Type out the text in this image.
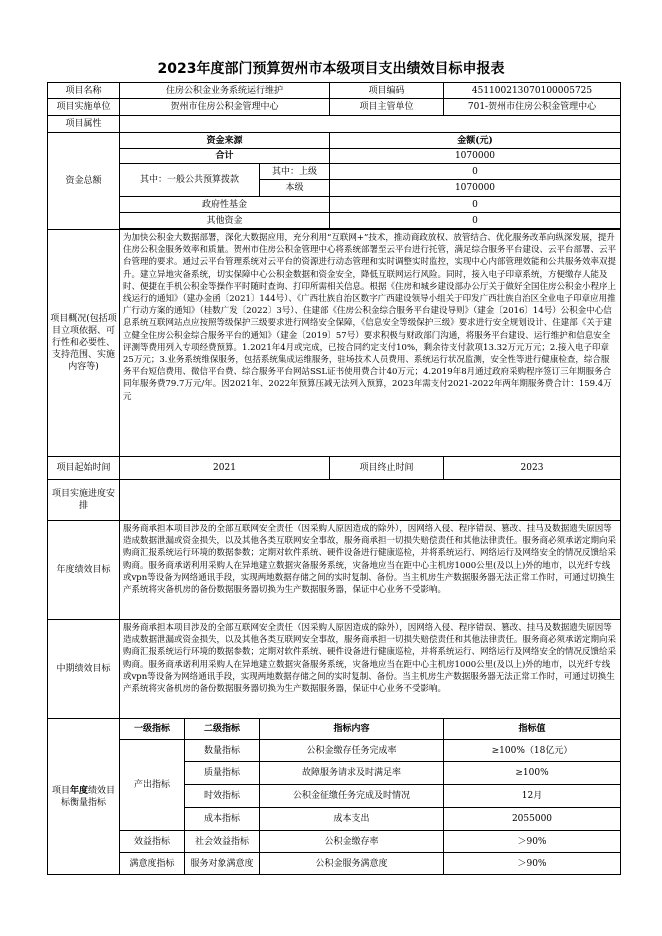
2023年度部门预算贺州市本级项目支出绩效目标申报表
项目名称	住房公积金业务系统运行维护			项目编码	451100213070100005725
项目实施单位	贺州市住房公积金管理中心			项目主管单位	701-贺州市住房公积金管理中心
项目属性					
资金总额	资金来源			金额(元)	
	合计			1070000	
	其中：一般公共预算拨款		其中：上级	0	
			本级	1070000	
	政府性基金			0	
	其他资金			0	

项目概况(包括项目立项依据、可行性和必要性、支持范围、实施内容等)	为加快公积金大数据部署，深化大数据应用，充分利用“互联网+”技术，推动商政放权、放管结合、优化服务改革向纵深发展，提升住房公积金服务效率和质量。贺州市住房公积金管理中心将系统部署至云平台进行托管，满足综合服务平台建设、云平台部署、云平台管理的要求。通过云平台管理系统对云平台的资源进行动态管理和实时调整实时监控，实现中心内部管理效能和公共服务效率双提升。建立异地灾备系统，切实保障中心公积金数据和资金安全，降低互联网运行风险。同时，接入电子印章系统，方便缴存人能及时、便捷在手机公积金等操作平时随时查询、打印所需相关信息。根据《住房和城乡建设部办公厅关于做好全国住房公积金小程序上线运行的通知》（建办金函〔2021〕144号）、《广西壮族自治区数字广西建设领导小组关于印发广西壮族自治区全业电子印章应用推广行动方案的通知》（桂数广发〔2022〕3号）、住建部《住房公积金综合服务平台建设导则》（建金〔2016〕14号）公积金中心信息系统互联网站点应按照等级保护三级要求进行网络安全保障，《信息安全等级保护三级》要求进行安全规划设计、住建部《关于建立健全住房公积金综合服务平台的通知》（建金〔2019〕57号）要求积极与财政部门沟通，将服务平台建设、运行维护和信息安全评测等费用列入专项经费预算。1.2021年4月或完成，已按合同约定支付10%，剩余待支付款项13.32万元万元；2.接入电子印章25万元；3.业务系统维保服务，包括系统集成运维服务，驻场技术人员费用、系统运行状况监测，安全性等进行健康检查，综合服务平台短信费用、微信平台费、综合服务平台网站SSL证书使用费合计40万元；4.2019年8月通过政府采购程序签订三年期服务合同年服务费79.7万元/年。因2021年、2022年预算压减无法列入预算，2023年需支付2021-2022年两年期服务费合计：159.4万元				
项目起始时间	2021			项目终止时间	2023
项目实施进度安排					
年度绩效目标	服务商承担本项目涉及的全部互联网安全责任（因采购人原因造成的除外），因网络入侵、程序错误、篡改、挂马及数据遗失原因等造成数据泄漏或资金损失，以及其他各类互联网安全事故，服务商承担一切损失赔偿责任和其他法律责任。服务商必须承诺定期向采购商汇报系统运行环境的数据参数；定期对软件系统、硬件设备进行健康巡检，并将系统运行、网络运行及网络安全的情况反馈给采购商。服务商承诺利用采购人在异地建立数据灾备服务系统，灾备地应当在距中心主机房1000公里(及以上)外的地市，以光纤专线或vpn等设备为网络通讯手段，实现两地数据存储之间的实时复制、备份。当主机房生产数据服务器无法正常工作时，可通过切换生产系统将灾备机房的备份数据服务器切换为生产数据服务器，保证中心业务不受影响。				
中期绩效目标	服务商承担本项目涉及的全部互联网安全责任（因采购人原因造成的除外），因网络入侵、程序错误、篡改、挂马及数据遗失原因等造成数据泄漏或资金损失，以及其他各类互联网安全事故，服务商承担一切损失赔偿责任和其他法律责任。服务商必须承诺定期向采购商汇报系统运行环境的数据参数；定期对软件系统、硬件设备进行健康巡检，并将系统运行、网络运行及网络安全的情况反馈给采购商。服务商承诺利用采购人在异地建立数据灾备服务系统，灾备地应当在距中心主机房1000公里(及以上)外的地市，以光纤专线或vpn等设备为网络通讯手段，实现两地数据存储之间的实时复制、备份。当主机房生产数据服务器无法正常工作时，可通过切换生产系统将灾备机房的备份数据服务器切换为生产数据服务器，保证中心业务不受影响。				
项目年度绩效目标衡量指标	一级指标	二级指标	指标内容		指标值
	产出指标	数量指标	公积金缴存任务完成率		≥100%（18亿元）
		质量指标	故障服务请求及时满足率		≥100%
		时效指标	公积金征缴任务完成及时情况		12月
		成本指标	成本支出		2055000
	效益指标	社会效益指标	公积金缴存率		＞90%
	满意度指标	服务对象满意度	公积金服务满意度		＞90%
